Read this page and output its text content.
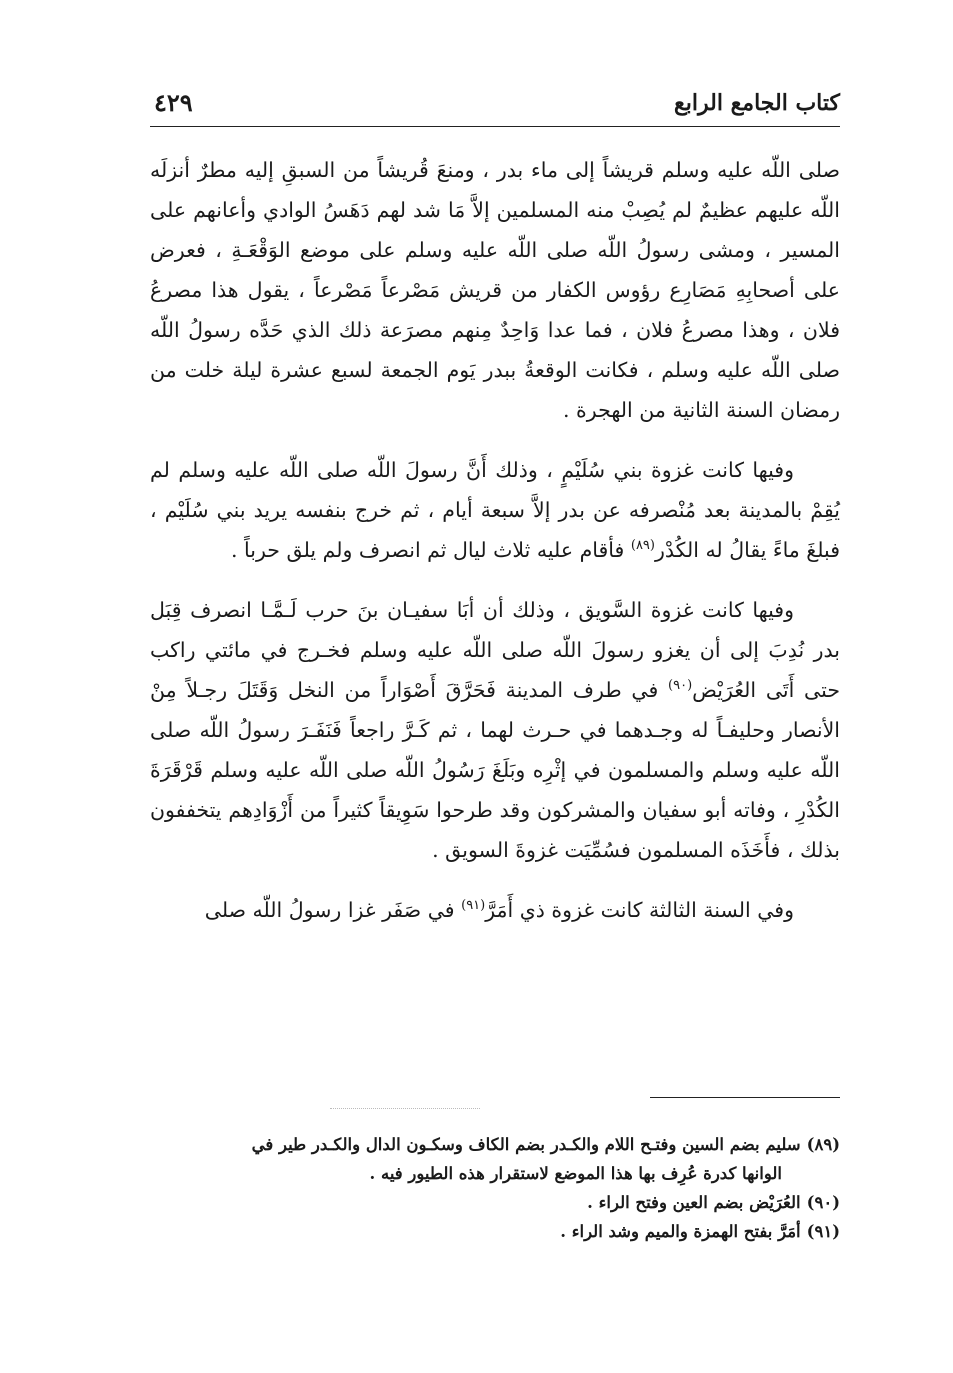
كتاب الجامع الرابع
٤٢٩

صلى اللّه عليه وسلم قريشاً إلى ماء بدر ، ومنعَ قُريشاً من السبقِ إليه مطرٌ أنزلَه اللّه عليهم عظيمٌ لم يُصِبْ منه المسلمين إلاَّ مَا شد لهم دَهَسُ الوادي وأعانهم على المسير ، ومشى رسولُ اللّه صلى اللّه عليه وسلم على موضع الوَقْعَـةِ ، فعرض على أصحابِهِ مَصَارِع رؤوس الكفار من قريش مَصْرعاً مَصْرعاً ، يقول هذا مصرعُ فلان ، وهذا مصرعُ فلان ، فما عدا وَاحِدٌ مِنهم مصرَعة ذلك الذي حَدَّه رسولُ اللّه صلى اللّه عليه وسلم ، فكانت الوقعةُ ببدر يَوم الجمعة لسبع عشرة ليلة خلت من رمضان السنة الثانية من الهجرة .

وفيها كانت غزوة بني سُلَيْمٍ ، وذلك أَنَّ رسولَ اللّه صلى اللّه عليه وسلم لم يُقِمْ بالمدينة بعد مُنْصرفه عن بدر إلاَّ سبعة أيام ، ثم خرج بنفسه يريد بني سُلَيْم ، فبلغَ ماءً يقالُ له الكُدْر$^{(٨٩)}$ فأقام عليه ثلاث ليال ثم انصرف ولم يلق حرباً .

وفيها كانت غزوة السَّويق ، وذلك أن أبَا سفيـان بنَ حرب لَـمَّـا انصرف قِبَل بدر نُدِبَ إلى أن يغزو رسولَ اللّه صلى اللّه عليه وسلم فخـرج في مائتي راكب حتى أَتَى العُرَيْض$^{(٩٠)}$ في طرف المدينة فَحَرَّقَ أَصْوَاراً من النخل وَقَتَلَ رجـلاً مِنْ الأنصار وحليفـاً له وجـدهما في حـرث لهما ، ثم كَـرَّ راجعاً فَنَفَـرَ رسولُ اللّه صلى اللّه عليه وسلم والمسلمون في إثْرِه وبَلَغَ رَسُولُ اللّه صلى اللّه عليه وسلم قَرْقَرَةَ الكُدْرِ ، وفاته أبو سفيان والمشركون وقد طرحوا سَوِيقاً كثيراً من أَزْوَادِهم يتخففون بذلك ، فأَخَذَه المسلمون فسُمِّيَت غزوةَ السويق .

وفي السنة الثالثة كانت غزوة ذي أَمَرَّ$^{(٩١)}$ في صَفَر غزا رسولُ اللّه صلى

(٨٩)سليم بضم السين وفتـح اللام والكـدر بضم الكاف وسكـون الدال والكـدر طير في

الوانها كدرة عُرِف بها هذا الموضع لاستقرار هذه الطيور فيه .

(٩٠)العُرَيْض بضم العين وفتح الراء .

(٩١)أمَرَّ بفتح الهمزة والميم وشد الراء .
